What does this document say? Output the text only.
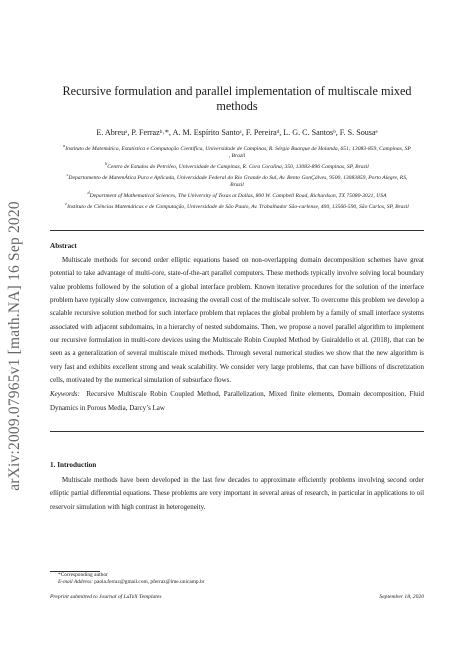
arXiv:2009.07965v1 [math.NA] 16 Sep 2020
Recursive formulation and parallel implementation of multiscale mixed methods
E. Abreuᵃ, P. Ferrazᵇ˒*, A. M. Espírito Santoᶜ, F. Pereiraᵈ, L. G. C. Santosᵇ, F. S. Sousaᵉ
$^a$Instituto de Matemática, Estatística e Computação Científica, Universidade de Campinas, R. Sérgio Buarque de Holanda, 651; 13083-859, Campinas, SP , Brazil
$^b$Centro de Estudos do Petróleo, Universidade de Campinas, R. Cora Coralina, 350, 13083-896 Campinas, SP, Brazil
$^c$Departamento de MatemÁtica Pura e Aplicada, Universidade Federal do Rio Grande do Sul, Av. Bento GonÇálves, 9500, 13083859, Porto Alegre, RS, Brazil
$^d$Department of Mathematical Sciences, The University of Texas at Dallas, 800 W. Campbell Road, Richardson, TX 75080-3021, USA
$^e$Instituto de Ciências Matemáticas e de Computação, Universidade de São Paulo, Av. Trabalhador São-carlense, 400, 13566-590, São Carlos, SP, Brazil
Abstract
Multiscale methods for second order elliptic equations based on non-overlapping domain decomposition schemes have great potential to take advantage of multi-core, state-of-the-art parallel computers. These methods typically involve solving local boundary value problems followed by the solution of a global interface problem. Known iterative procedures for the solution of the interface problem have typically slow convergence, increasing the overall cost of the multiscale solver. To overcome this problem we develop a scalable recursive solution method for such interface problem that replaces the global problem by a family of small interface systems associated with adjacent subdomains, in a hierarchy of nested subdomains. Then, we propose a novel parallel algorithm to implement our recursive formulation in multi-core devices using the Multiscale Robin Coupled Method by Guiraldello et al. (2018), that can be seen as a generalization of several multiscale mixed methods. Through several numerical studies we show that the new algorithm is very fast and exhibits excellent strong and weak scalability. We consider very large problems, that can have billions of discretization cells, motivated by the numerical simulation of subsurface flows.
Keywords: Recursive Multiscale Robin Coupled Method, Parallelization, Mixed finite elements, Domain decomposition, Fluid Dynamics in Porous Media, Darcy’s Law
1. Introduction
Multiscale methods have been developed in the last few decades to approximate efficiently problems involving second order elliptic partial differential equations. These problems are very important in several areas of research, in particular in applications to oil reservoir simulation with high contrast in heterogeneity.
*Corresponding author
E-mail Address: paola.ferraz@gmail.com, pferraz@ime.unicamp.br
Preprint submitted to Journal of LᴀTᴇX Templates	September 18, 2020
